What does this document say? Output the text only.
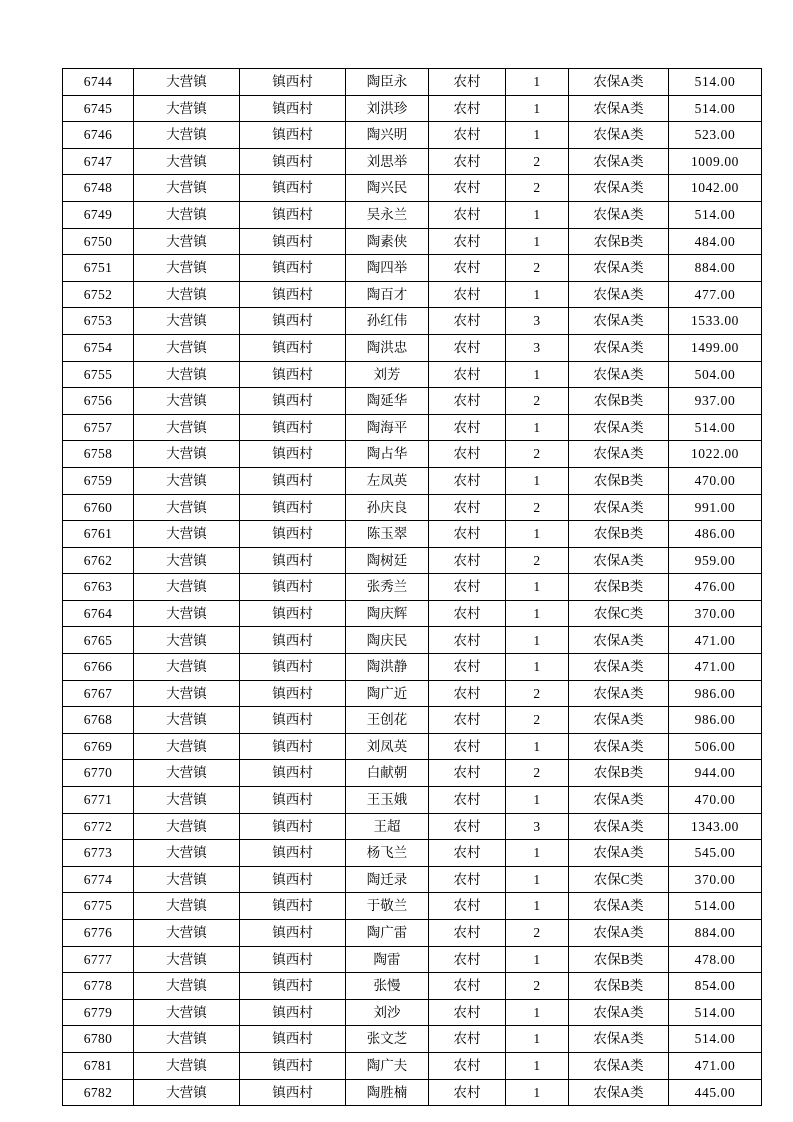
6744	大营镇	镇西村	陶臣永	农村	1	农保A类	514.00
6745	大营镇	镇西村	刘洪珍	农村	1	农保A类	514.00
6746	大营镇	镇西村	陶兴明	农村	1	农保A类	523.00
6747	大营镇	镇西村	刘思举	农村	2	农保A类	1009.00
6748	大营镇	镇西村	陶兴民	农村	2	农保A类	1042.00
6749	大营镇	镇西村	吴永兰	农村	1	农保A类	514.00
6750	大营镇	镇西村	陶素侠	农村	1	农保B类	484.00
6751	大营镇	镇西村	陶四举	农村	2	农保A类	884.00
6752	大营镇	镇西村	陶百才	农村	1	农保A类	477.00
6753	大营镇	镇西村	孙红伟	农村	3	农保A类	1533.00
6754	大营镇	镇西村	陶洪忠	农村	3	农保A类	1499.00
6755	大营镇	镇西村	刘芳	农村	1	农保A类	504.00
6756	大营镇	镇西村	陶延华	农村	2	农保B类	937.00
6757	大营镇	镇西村	陶海平	农村	1	农保A类	514.00
6758	大营镇	镇西村	陶占华	农村	2	农保A类	1022.00
6759	大营镇	镇西村	左凤英	农村	1	农保B类	470.00
6760	大营镇	镇西村	孙庆良	农村	2	农保A类	991.00
6761	大营镇	镇西村	陈玉翠	农村	1	农保B类	486.00
6762	大营镇	镇西村	陶树廷	农村	2	农保A类	959.00
6763	大营镇	镇西村	张秀兰	农村	1	农保B类	476.00
6764	大营镇	镇西村	陶庆辉	农村	1	农保C类	370.00
6765	大营镇	镇西村	陶庆民	农村	1	农保A类	471.00
6766	大营镇	镇西村	陶洪静	农村	1	农保A类	471.00
6767	大营镇	镇西村	陶广近	农村	2	农保A类	986.00
6768	大营镇	镇西村	王创花	农村	2	农保A类	986.00
6769	大营镇	镇西村	刘凤英	农村	1	农保A类	506.00
6770	大营镇	镇西村	白献朝	农村	2	农保B类	944.00
6771	大营镇	镇西村	王玉娥	农村	1	农保A类	470.00
6772	大营镇	镇西村	王超	农村	3	农保A类	1343.00
6773	大营镇	镇西村	杨飞兰	农村	1	农保A类	545.00
6774	大营镇	镇西村	陶迁录	农村	1	农保C类	370.00
6775	大营镇	镇西村	于敬兰	农村	1	农保A类	514.00
6776	大营镇	镇西村	陶广雷	农村	2	农保A类	884.00
6777	大营镇	镇西村	陶雷	农村	1	农保B类	478.00
6778	大营镇	镇西村	张慢	农村	2	农保B类	854.00
6779	大营镇	镇西村	刘沙	农村	1	农保A类	514.00
6780	大营镇	镇西村	张文芝	农村	1	农保A类	514.00
6781	大营镇	镇西村	陶广夫	农村	1	农保A类	471.00
6782	大营镇	镇西村	陶胜楠	农村	1	农保A类	445.00
